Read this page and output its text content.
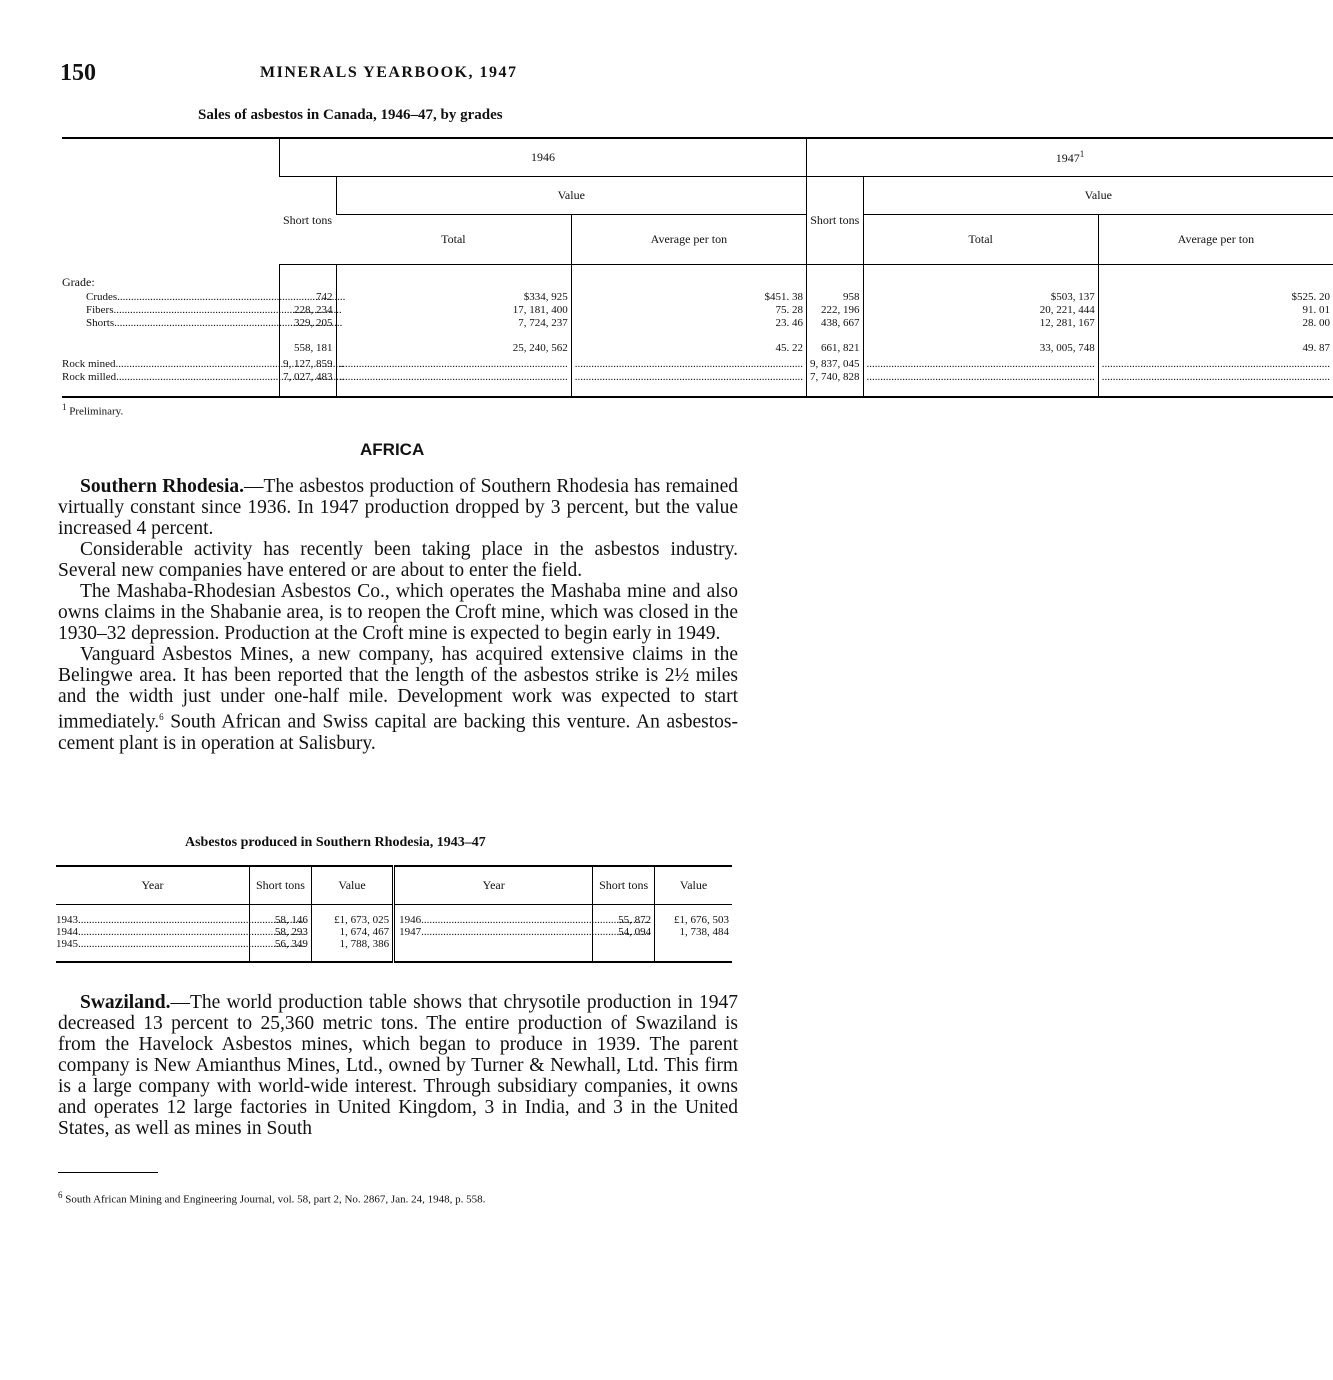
150	MINERALS YEARBOOK, 1947
Sales of asbestos in Canada, 1946–47, by grades
	1946			1947$^1$
	Short tons	Value		Short tons	Value	
		Total	Average per ton		Total	Average per ton
Grade:						
Crudes .....	742	$334, 925	$451. 38	958	$503, 137	$525. 20
Fibers .....	228, 234	17, 181, 400	75. 28	222, 196	20, 221, 444	91. 01
Shorts .....	329, 205	7, 724, 237	23. 46	438, 667	12, 281, 167	28. 00

	558, 181	25, 240, 562	45. 22	661, 821	33, 005, 748	49. 87
Rock mined .....	9, 127, 859	.....	.....	9, 837, 045	.....	.....
Rock milled .....	7, 027, 483	.....	.....	7, 740, 828	.....	.....

$^1$ Preliminary.
AFRICA

Southern Rhodesia.—The asbestos production of Southern Rhodesia has remained virtually constant since 1936. In 1947 production dropped by 3 percent, but the value increased 4 percent.

Considerable activity has recently been taking place in the asbestos industry. Several new companies have entered or are about to enter the field.

The Mashaba-Rhodesian Asbestos Co., which operates the Mashaba mine and also owns claims in the Shabanie area, is to reopen the Croft mine, which was closed in the 1930–32 depression. Production at the Croft mine is expected to begin early in 1949.

Vanguard Asbestos Mines, a new company, has acquired extensive claims in the Belingwe area. It has been reported that the length of the asbestos strike is 2½ miles and the width just under one-half mile. Development work was expected to start immediately.$^6$ South African and Swiss capital are backing this venture. An asbestos-cement plant is in operation at Salisbury.

Asbestos produced in Southern Rhodesia, 1943–47
Year	Short tons	Value	Year	Short tons	Value

1943 .....	58, 146	£1, 673, 025	1946 .....	55, 872	£1, 676, 503
1944 .....	58, 293	1, 674, 467	1947 .....	54, 094	1, 738, 484
1945 .....	56, 349	1, 788, 386			

Swaziland.—The world production table shows that chrysotile production in 1947 decreased 13 percent to 25,360 metric tons. The entire production of Swaziland is from the Havelock Asbestos mines, which began to produce in 1939. The parent company is New Amianthus Mines, Ltd., owned by Turner & Newhall, Ltd. This firm is a large company with world-wide interest. Through subsidiary companies, it owns and operates 12 large factories in United Kingdom, 3 in India, and 3 in the United States, as well as mines in South

$^6$ South African Mining and Engineering Journal, vol. 58, part 2, No. 2867, Jan. 24, 1948, p. 558.
